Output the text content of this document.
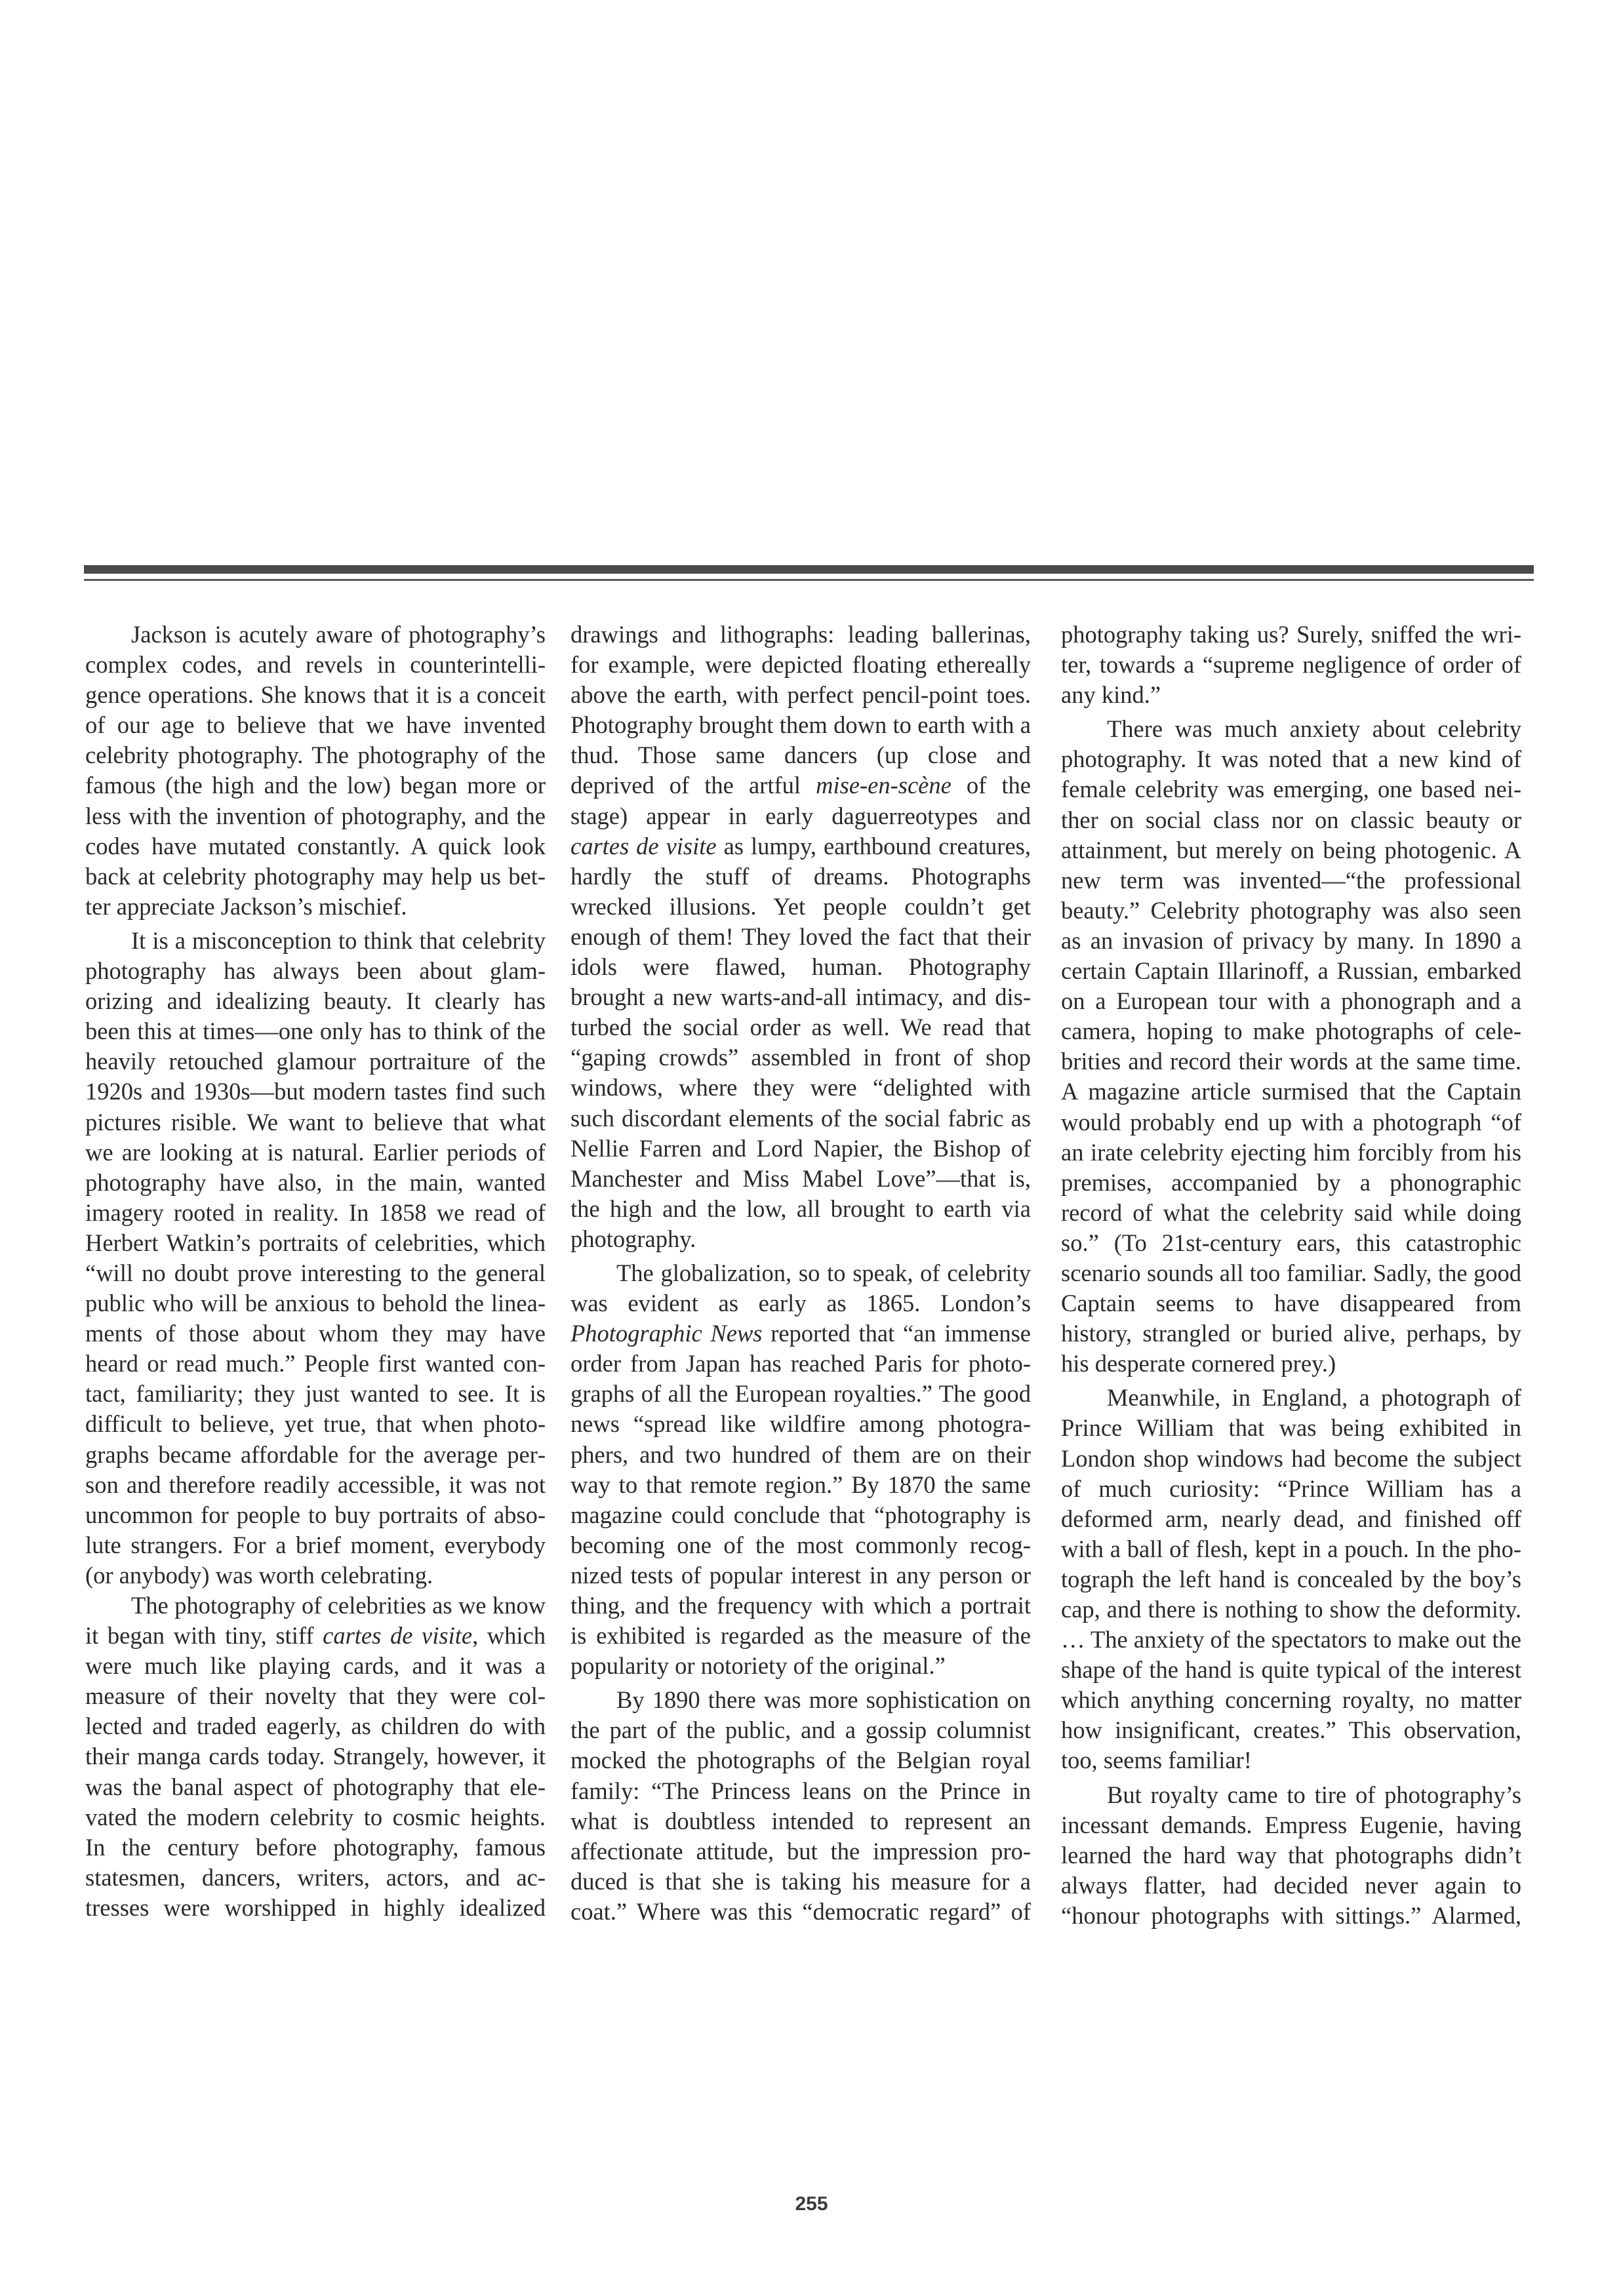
Jackson is acutely aware of photography’s complex codes, and revels in counterintelligence operations. She knows that it is a conceit of our age to believe that we have invented celebrity photography. The photography of the famous (the high and the low) began more or less with the invention of photography, and the codes have mutated constantly. A quick look back at celebrity photography may help us better appreciate Jackson’s mischief.

It is a misconception to think that celebrity photography has always been about glamorizing and idealizing beauty. It clearly has been this at times—one only has to think of the heavily retouched glamour portraiture of the 1920s and 1930s—but modern tastes find such pictures risible. We want to believe that what we are looking at is natural. Earlier periods of photography have also, in the main, wanted imagery rooted in reality. In 1858 we read of Herbert Watkin’s portraits of celebrities, which “will no doubt prove interesting to the general public who will be anxious to behold the lineaments of those about whom they may have heard or read much.” People first wanted contact, familiarity; they just wanted to see. It is difficult to believe, yet true, that when photographs became affordable for the average person and therefore readily accessible, it was not uncommon for people to buy portraits of absolute strangers. For a brief moment, everybody (or anybody) was worth celebrating.

The photography of celebrities as we know it began with tiny, stiff cartes de visite, which were much like playing cards, and it was a measure of their novelty that they were collected and traded eagerly, as children do with their manga cards today. Strangely, however, it was the banal aspect of photography that elevated the modern celebrity to cosmic heights. In the century before photography, famous statesmen, dancers, writers, actors, and actresses were worshipped in highly idealized

drawings and lithographs: leading ballerinas, for example, were depicted floating ethereally above the earth, with perfect pencil-point toes. Photography brought them down to earth with a thud. Those same dancers (up close and deprived of the artful mise-en-scène of the stage) appear in early daguerreotypes and cartes de visite as lumpy, earthbound creatures, hardly the stuff of dreams. Photographs wrecked illusions. Yet people couldn’t get enough of them! They loved the fact that their idols were flawed, human. Photography brought a new warts-and-all intimacy, and disturbed the social order as well. We read that “gaping crowds” assembled in front of shop windows, where they were “delighted with such discordant elements of the social fabric as Nellie Farren and Lord Napier, the Bishop of Manchester and Miss Mabel Love”—that is, the high and the low, all brought to earth via photography.

The globalization, so to speak, of celebrity was evident as early as 1865. London’s Photographic News reported that “an immense order from Japan has reached Paris for photographs of all the European royalties.” The good news “spread like wildfire among photographers, and two hundred of them are on their way to that remote region.” By 1870 the same magazine could conclude that “photography is becoming one of the most commonly recognized tests of popular interest in any person or thing, and the frequency with which a portrait is exhibited is regarded as the measure of the popularity or notoriety of the original.”

By 1890 there was more sophistication on the part of the public, and a gossip columnist mocked the photographs of the Belgian royal family: “The Princess leans on the Prince in what is doubtless intended to represent an affectionate attitude, but the impression produced is that she is taking his measure for a coat.” Where was this “democratic regard” of

photography taking us? Surely, sniffed the writer, towards a “supreme negligence of order of any kind.”

There was much anxiety about celebrity photography. It was noted that a new kind of female celebrity was emerging, one based neither on social class nor on classic beauty or attainment, but merely on being photogenic. A new term was invented—“the professional beauty.” Celebrity photography was also seen as an invasion of privacy by many. In 1890 a certain Captain Illarinoff, a Russian, embarked on a European tour with a phonograph and a camera, hoping to make photographs of celebrities and record their words at the same time. A magazine article surmised that the Captain would probably end up with a photograph “of an irate celebrity ejecting him forcibly from his premises, accompanied by a phonographic record of what the celebrity said while doing so.” (To 21st-century ears, this catastrophic scenario sounds all too familiar. Sadly, the good Captain seems to have disappeared from history, strangled or buried alive, perhaps, by his desperate cornered prey.)

Meanwhile, in England, a photograph of Prince William that was being exhibited in London shop windows had become the subject of much curiosity: “Prince William has a deformed arm, nearly dead, and finished off with a ball of flesh, kept in a pouch. In the photograph the left hand is concealed by the boy’s cap, and there is nothing to show the deformity. … The anxiety of the spectators to make out the shape of the hand is quite typical of the interest which anything concerning royalty, no matter how insignificant, creates.” This observation, too, seems familiar!

But royalty came to tire of photography’s incessant demands. Empress Eugenie, having learned the hard way that photographs didn’t always flatter, had decided never again to “honour photographs with sittings.” Alarmed,

255
